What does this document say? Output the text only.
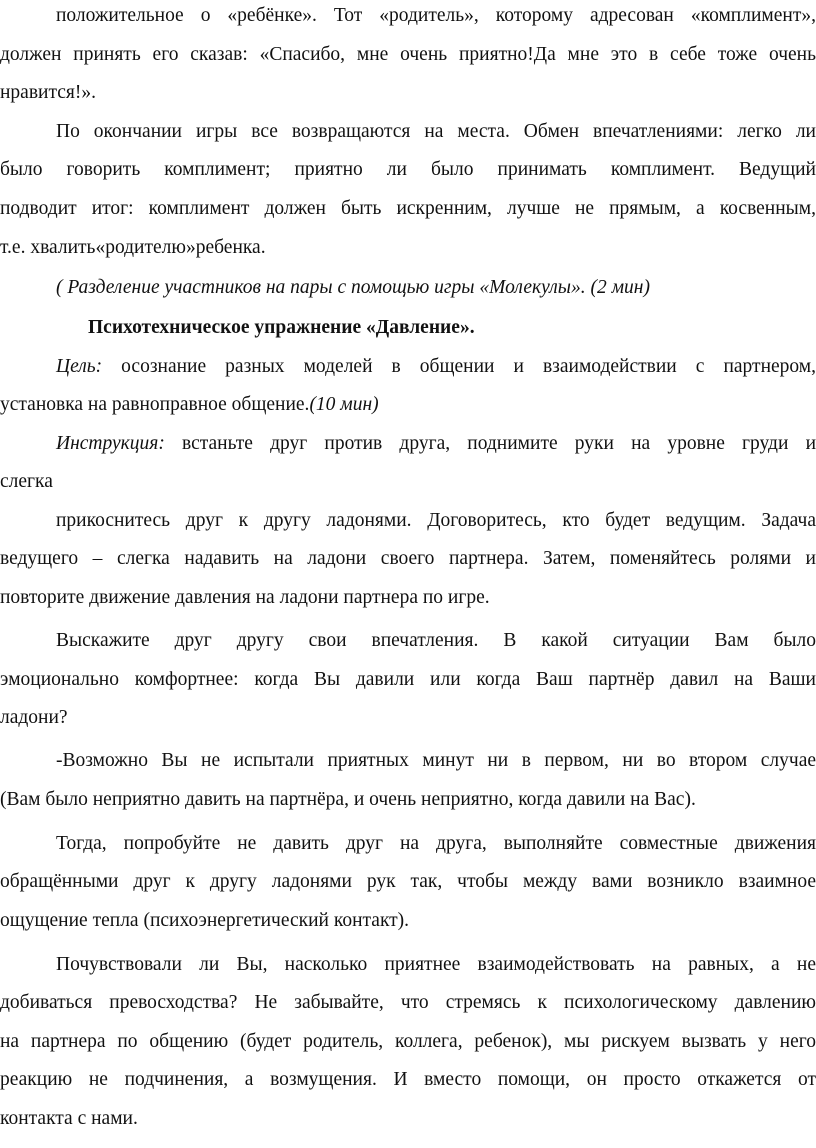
положительное о «ребёнке». Тот «родитель», которому адресован «комплимент»,

должен принять его сказав: «Спасибо, мне очень приятно!Да мне это в себе тоже очень

нравится!».

По окончании игры все возвращаются на места. Обмен впечатлениями: легко ли

было говорить комплимент; приятно ли было принимать комплимент. Ведущий

подводит итог: комплимент должен быть искренним, лучше не прямым, а косвенным,

т.е. хвалить«родителю»ребенка.

( Разделение участников на пары с помощью игры «Молекулы». (2 мин)

Психотехническое упражнение «Давление».

Цель: осознание разных моделей в общении и взаимодействии с партнером,
установка на равноправное общение.(10 мин)
Инструкция: встаньте друг против друга, поднимите руки на уровне груди и

слегка

прикоснитесь друг к другу ладонями. Договоритесь, кто будет ведущим. Задача

ведущего – слегка надавить на ладони своего партнера. Затем, поменяйтесь ролями и

повторите движение давления на ладони партнера по игре.

Выскажите друг другу свои впечатления. В какой ситуации Вам было

эмоционально комфортнее: когда Вы давили или когда Ваш партнёр давил на Ваши

ладони?

-Возможно Вы не испытали приятных минут ни в первом, ни во втором случае

(Вам было неприятно давить на партнёра, и очень неприятно, когда давили на Вас).

Тогда, попробуйте не давить друг на друга, выполняйте совместные движения

обращёнными друг к другу ладонями рук так, чтобы между вами возникло взаимное

ощущение тепла (психоэнергетический контакт).

Почувствовали ли Вы, насколько приятнее взаимодействовать на равных, а не

добиваться превосходства? Не забывайте, что стремясь к психологическому давлению

на партнера по общению (будет родитель, коллега, ребенок), мы рискуем вызвать у него

реакцию не подчинения, а возмущения. И вместо помощи, он просто откажется от

контакта с нами.
